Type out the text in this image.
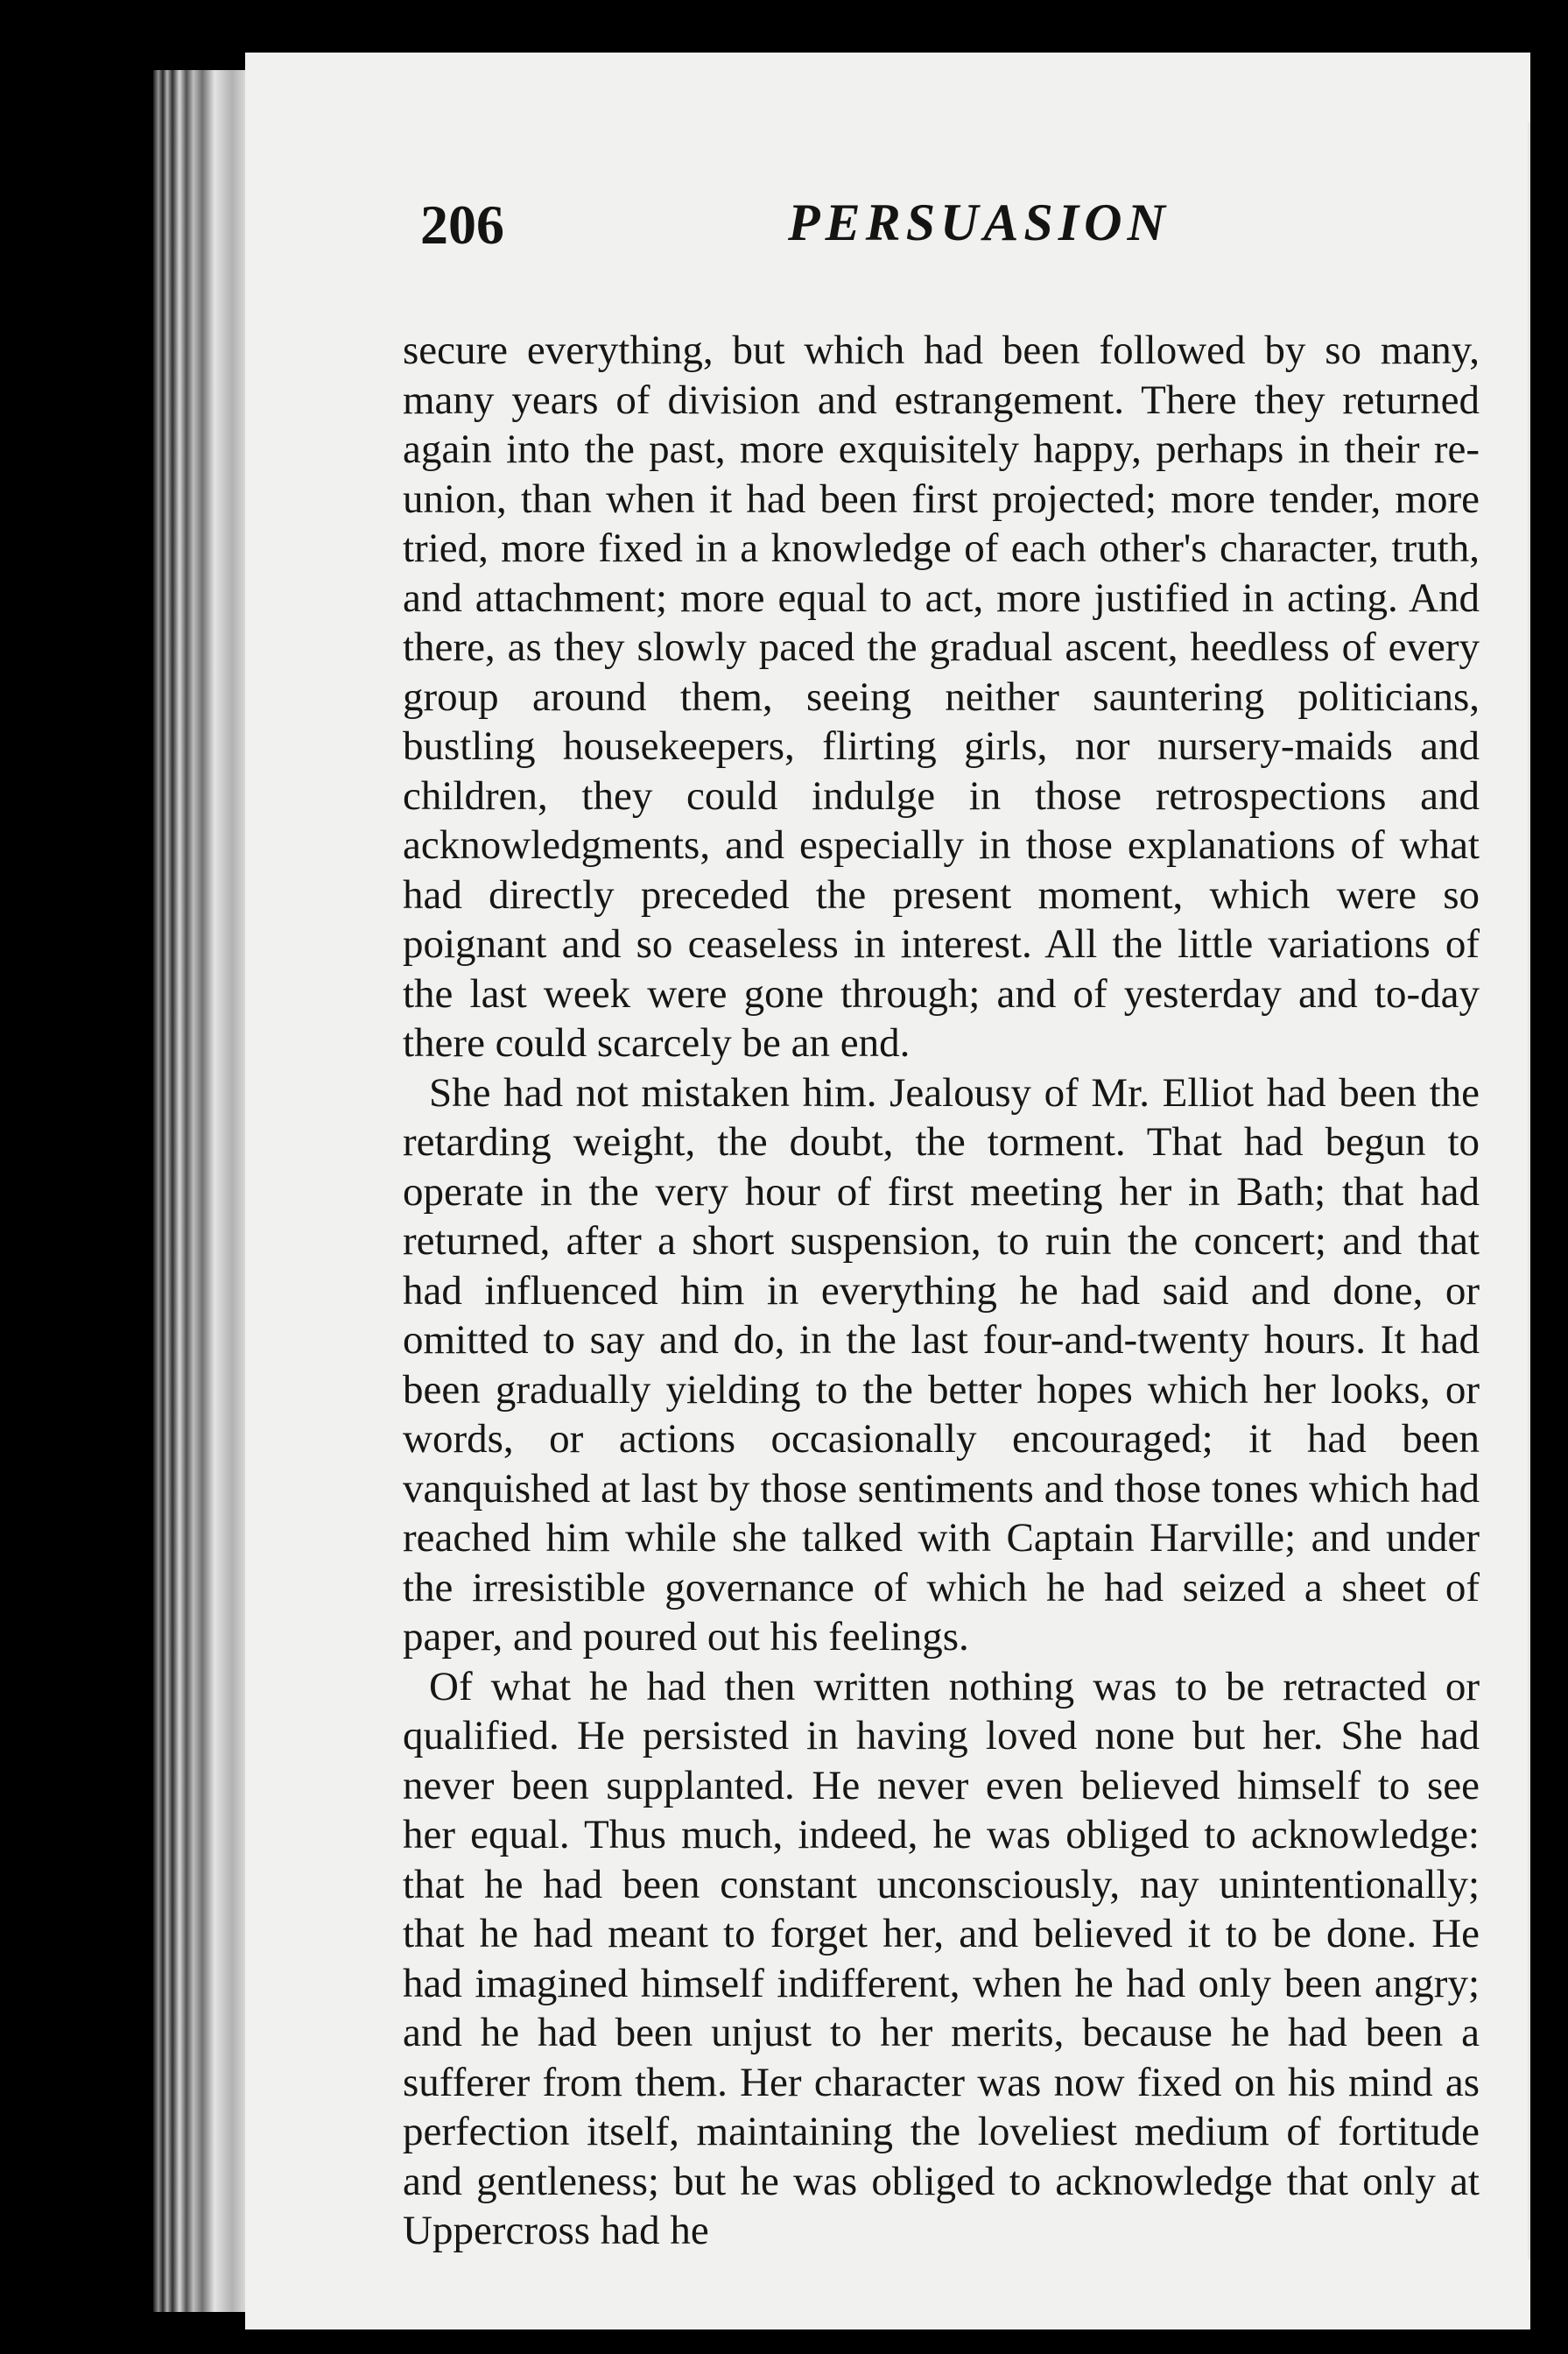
206	PERSUASION

secure everything, but which had been followed by so many, many years of division and estrangement. There they returned again into the past, more exquisitely happy, perhaps in their re-union, than when it had been first projected; more tender, more tried, more fixed in a knowledge of each other's character, truth, and attachment; more equal to act, more justified in acting. And there, as they slowly paced the gradual ascent, heedless of every group around them, seeing neither sauntering politicians, bustling housekeepers, flirting girls, nor nursery-maids and children, they could indulge in those retrospections and acknowledgments, and especially in those explanations of what had directly preceded the present moment, which were so poignant and so ceaseless in interest. All the little variations of the last week were gone through; and of yesterday and to-day there could scarcely be an end.

She had not mistaken him. Jealousy of Mr. Elliot had been the retarding weight, the doubt, the torment. That had begun to operate in the very hour of first meeting her in Bath; that had returned, after a short suspension, to ruin the concert; and that had influenced him in everything he had said and done, or omitted to say and do, in the last four-and-twenty hours. It had been gradually yielding to the better hopes which her looks, or words, or actions occasionally encouraged; it had been vanquished at last by those sentiments and those tones which had reached him while she talked with Captain Harville; and under the irresistible governance of which he had seized a sheet of paper, and poured out his feelings.

Of what he had then written nothing was to be retracted or qualified. He persisted in having loved none but her. She had never been supplanted. He never even believed himself to see her equal. Thus much, indeed, he was obliged to acknowledge: that he had been constant unconsciously, nay unintentionally; that he had meant to forget her, and believed it to be done. He had imagined himself indifferent, when he had only been angry; and he had been unjust to her merits, because he had been a sufferer from them. Her character was now fixed on his mind as perfection itself, maintaining the loveliest medium of fortitude and gentleness; but he was obliged to acknowledge that only at Uppercross had he
